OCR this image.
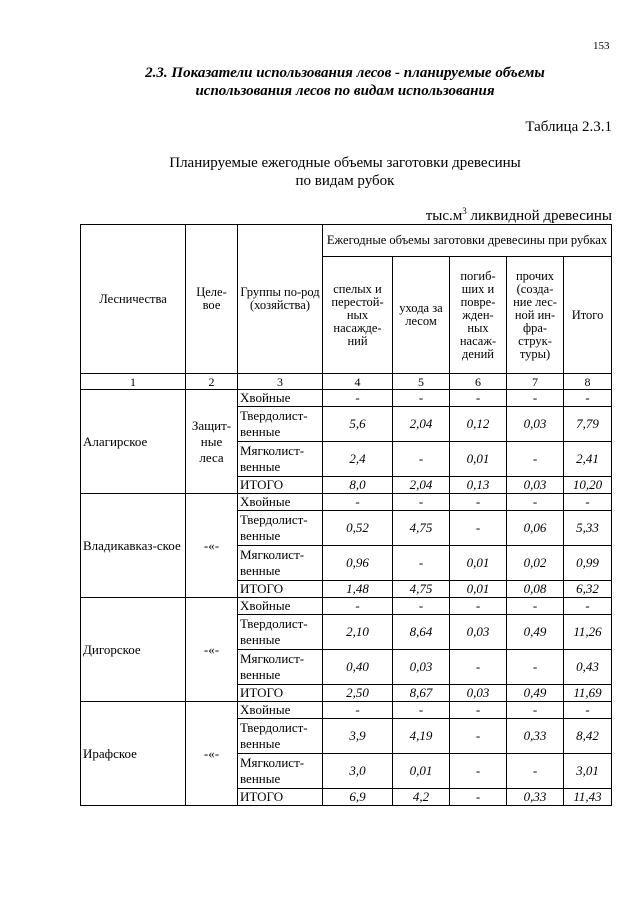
153
2.3. Показатели использования лесов - планируемые объемы
использования лесов по видам использования
Таблица 2.3.1
Планируемые ежегодные объемы заготовки древесины
по видам рубок
$тыс.м^3$ ликвидной древесины
Лесничества	Целе-вое	Группы по-род (хозяйства)	Ежегодные объемы заготовки древесины при рубках				
			спелых и перестой-ных насажде-ний	ухода за лесом	погиб-ших и повре-жден-ных насаж-дений	прочих (созда-ние лес-ной ин-фра-струк-туры)	Итого
1	2	3	4	5	6	7	8
Алагирское	Защит-ные леса	Хвойные	-	-	-	-	-
		Твердолист-венные	5,6	2,04	0,12	0,03	7,79
		Мягколист-венные	2,4	-	0,01	-	2,41
		ИТОГО	8,0	2,04	0,13	0,03	10,20
Владикавказ-ское	-«-	Хвойные	-	-	-	-	-
		Твердолист-венные	0,52	4,75	-	0,06	5,33
		Мягколист-венные	0,96	-	0,01	0,02	0,99
		ИТОГО	1,48	4,75	0,01	0,08	6,32
Дигорское	-«-	Хвойные	-	-	-	-	-
		Твердолист-венные	2,10	8,64	0,03	0,49	11,26
		Мягколист-венные	0,40	0,03	-	-	0,43
		ИТОГО	2,50	8,67	0,03	0,49	11,69
Ирафское	-«-	Хвойные	-	-	-	-	-
		Твердолист-венные	3,9	4,19	-	0,33	8,42
		Мягколист-венные	3,0	0,01	-	-	3,01
		ИТОГО	6,9	4,2	-	0,33	11,43
